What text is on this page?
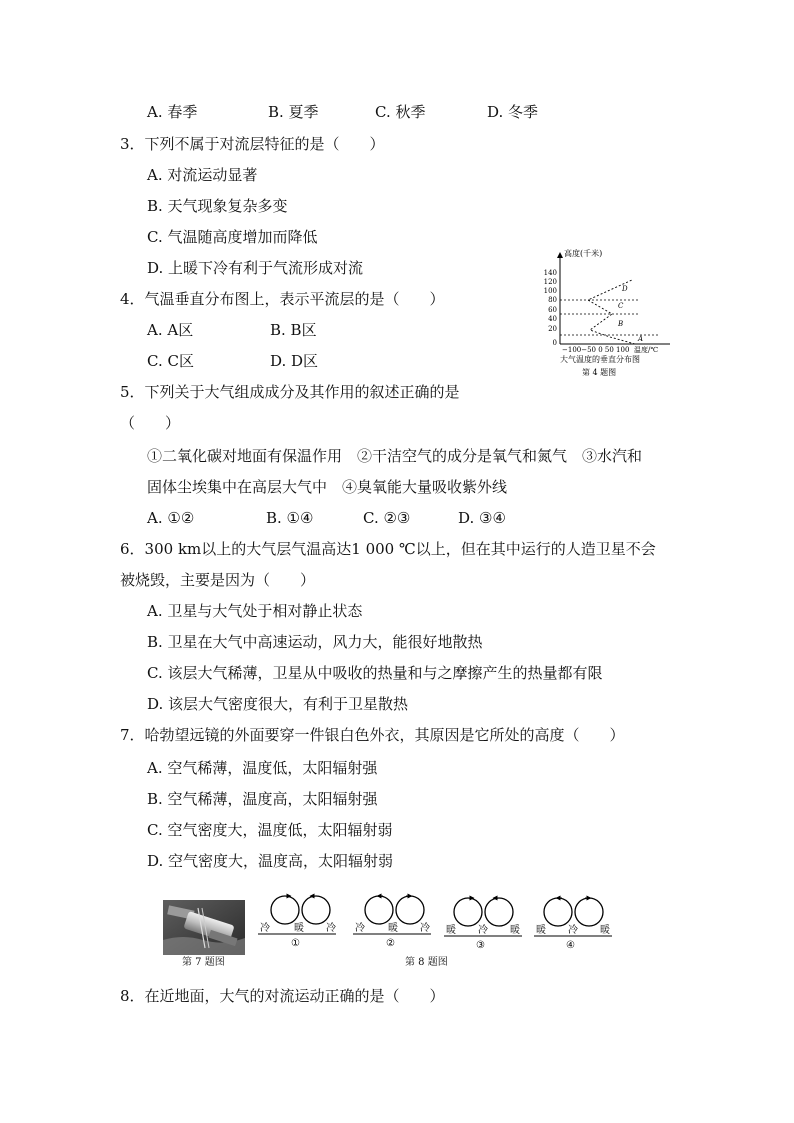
A. 春季	B. 夏季	C. 秋季	D. 冬季
3．下列不属于对流层特征的是（　　）
A. 对流运动显著
B. 天气现象复杂多变
C. 气温随高度增加而降低
D. 上暖下冷有利于气流形成对流
4．气温垂直分布图上，表示平流层的是（　　）
A. A区	B. B区
C. C区	D. D区
高度(千米)
140
120
100
80
60
40
20
0
D
C
B
A
−100−50 0 50 100 温度/℃
大气温度的垂直分布图
第 4 题图
5．下列关于大气组成成分及其作用的叙述正确的是
（　　）
①二氧化碳对地面有保温作用　②干洁空气的成分是氧气和氮气　③水汽和
固体尘埃集中在高层大气中　④臭氧能大量吸收紫外线
A. ①②	B. ①④	C. ②③	D. ③④
6．300 km以上的大气层气温高达1 000 ℃以上，但在其中运行的人造卫星不会
被烧毁，主要是因为（　　）
A. 卫星与大气处于相对静止状态
B. 卫星在大气中高速运动，风力大，能很好地散热
C. 该层大气稀薄，卫星从中吸收的热量和与之摩擦产生的热量都有限
D. 该层大气密度很大，有利于卫星散热
7．哈勃望远镜的外面要穿一件银白色外衣，其原因是它所处的高度（　　）
A. 空气稀薄，温度低，太阳辐射强
B. 空气稀薄，温度高，太阳辐射强
C. 空气密度大，温度低，太阳辐射弱
D. 空气密度大，温度高，太阳辐射弱
第 7 题图
冷 暖 冷
①
冷 暖 冷
②
暖 冷 暖
③
暖 冷 暖
④
第 8 题图
8．在近地面，大气的对流运动正确的是（　　）
